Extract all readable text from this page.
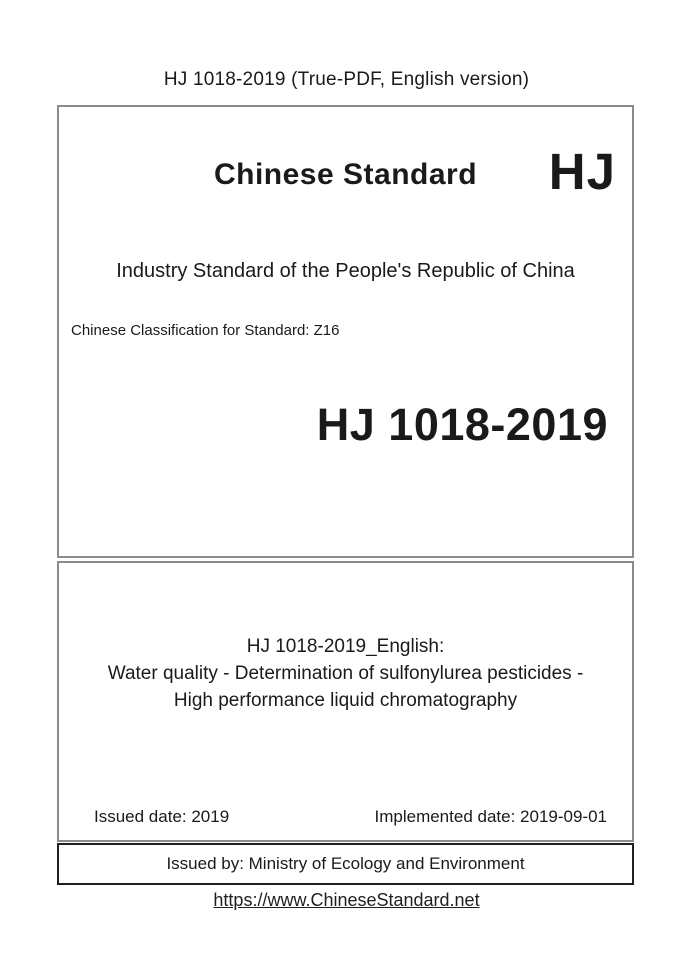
HJ 1018-2019 (True-PDF, English version)
Chinese Standard	HJ
Industry Standard of the People's Republic of China
Chinese Classification for Standard: Z16
HJ 1018-2019
HJ 1018-2019_English:
Water quality - Determination of sulfonylurea pesticides -
High performance liquid chromatography
Issued date: 2019	Implemented date: 2019-09-01
Issued by: Ministry of Ecology and Environment
https://www.ChineseStandard.net
